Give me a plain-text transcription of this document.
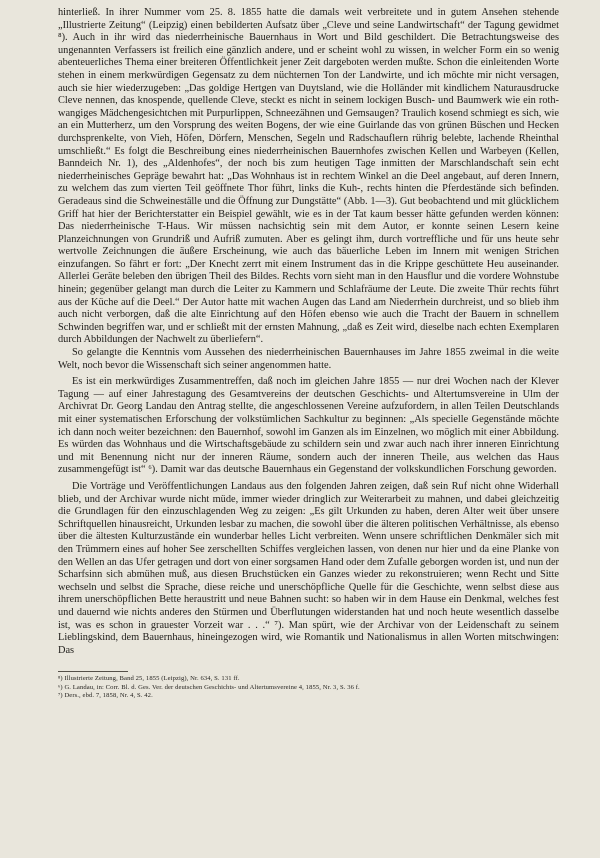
hinterließ. In ihrer Nummer vom 25. 8. 1855 hatte die damals weit verbreitete und in gutem Ansehen stehende „Illustrierte Zeitung“ (Leipzig) einen bebilderten Aufsatz über „Cleve und seine Landwirtschaft“ der Tagung gewidmet ⁸). Auch in ihr wird das niederrheinische Bauernhaus in Wort und Bild geschildert. Die Betrachtungsweise des ungenannten Verfassers ist freilich eine gänzlich andere, und er scheint wohl zu wissen, in welcher Form ein so wenig abenteuerliches Thema einer breiteren Öffentlichkeit jener Zeit dargeboten werden mußte. Schon die einleitenden Worte stehen in einem merkwürdigen Gegensatz zu dem nüchternen Ton der Landwirte, und ich möchte mir nicht versagen, auch sie hier wiederzugeben: „Das goldige Hertgen van Duytsland, wie die Holländer mit kindlichem Naturausdrucke Cleve nennen, das knospende, quellende Cleve, steckt es nicht in seinem lockigen Busch- und Baumwerk wie ein roth-wangiges Mädchengesichtchen mit Purpurlippen, Schneezähnen und Gemsaugen? Traulich kosend schmiegt es sich, wie an ein Mutterherz, um den Vorsprung des weiten Bogens, der wie eine Guirlande das von grünen Büschen und Hecken durchsprenkelte, von Vieh, Höfen, Dörfern, Menschen, Segeln und Radschauflern rührig belebte, lachende Rheinthal umschließt.“ Es folgt die Beschreibung eines niederrheinischen Bauernhofes zwischen Kellen und Warbeyen (Kellen, Banndeich Nr. 1), des „Aldenhofes“, der noch bis zum heutigen Tage inmitten der Marschlandschaft sein echt niederrheinisches Gepräge bewahrt hat: „Das Wohnhaus ist in rechtem Winkel an die Deel angebaut, auf deren Innern, zu welchem das zum vierten Teil geöffnete Thor führt, links die Kuh-, rechts hinten die Pferdestände sich befinden. Geradeaus sind die Schweineställe und die Öffnung zur Dungstätte“ (Abb. 1—3). Gut beobachtend und mit glücklichem Griff hat hier der Berichterstatter ein Beispiel gewählt, wie es in der Tat kaum besser hätte gefunden werden können: Das niederrheinische T-Haus. Wir müssen nachsichtig sein mit dem Autor, er konnte seinen Lesern keine Planzeichnungen von Grundriß und Aufriß zumuten. Aber es gelingt ihm, durch vortreffliche und für uns heute sehr wertvolle Zeichnungen die äußere Erscheinung, wie auch das bäuerliche Leben im Innern mit wenigen Strichen einzufangen. So fährt er fort: „Der Knecht zerrt mit einem Instrument das in die Krippe geschüttete Heu auseinander. Allerlei Geräte beleben den übrigen Theil des Bildes. Rechts vorn sieht man in den Hausflur und die vordere Wohnstube hinein; gegenüber gelangt man durch die Leiter zu Kammern und Schlafräume der Leute. Die zweite Thür rechts führt aus der Küche auf die Deel.“ Der Autor hatte mit wachen Augen das Land am Niederrhein durchreist, und so blieb ihm auch nicht verborgen, daß die alte Einrichtung auf den Höfen ebenso wie auch die Tracht der Bauern in schnellem Schwinden begriffen war, und er schließt mit der ernsten Mahnung, „daß es Zeit wird, dieselbe nach echten Exemplaren durch Abbildungen der Nachwelt zu überliefern“.

So gelangte die Kenntnis vom Aussehen des niederrheinischen Bauernhauses im Jahre 1855 zweimal in die weite Welt, noch bevor die Wissenschaft sich seiner angenommen hatte.

Es ist ein merkwürdiges Zusammentreffen, daß noch im gleichen Jahre 1855 — nur drei Wochen nach der Klever Tagung — auf einer Jahrestagung des Gesamtvereins der deutschen Geschichts- und Altertumsvereine in Ulm der Archivrat Dr. Georg Landau den Antrag stellte, die angeschlossenen Vereine aufzufordern, in allen Teilen Deutschlands mit einer systematischen Erforschung der volkstümlichen Sachkultur zu beginnen: „Als specielle Gegenstände möchte ich dann noch weiter bezeichnen: den Bauernhof, sowohl im Ganzen als im Einzelnen, wo möglich mit einer Abbildung. Es würden das Wohnhaus und die Wirtschaftsgebäude zu schildern sein und zwar auch nach ihrer inneren Einrichtung und mit Benennung nicht nur der inneren Räume, sondern auch der inneren Theile, aus welchen das Haus zusammengefügt ist“ ⁶). Damit war das deutsche Bauernhaus ein Gegenstand der volkskundlichen Forschung geworden.

Die Vorträge und Veröffentlichungen Landaus aus den folgenden Jahren zeigen, daß sein Ruf nicht ohne Widerhall blieb, und der Archivar wurde nicht müde, immer wieder dringlich zur Weiterarbeit zu mahnen, und dabei gleichzeitig die Grundlagen für den einzuschlagenden Weg zu zeigen: „Es gilt Urkunden zu haben, deren Alter weit über unsere Schriftquellen hinausreicht, Urkunden lesbar zu machen, die sowohl über die älteren politischen Verhältnisse, als ebenso über die ältesten Kulturzustände ein wunderbar helles Licht verbreiten. Wenn unsere schriftlichen Denkmäler sich mit den Trümmern eines auf hoher See zerschellten Schiffes vergleichen lassen, von denen nur hier und da eine Planke von den Wellen an das Ufer getragen und dort von einer sorgsamen Hand oder dem Zufalle geborgen worden ist, und nun der Scharfsinn sich abmühen muß, aus diesen Bruchstücken ein Ganzes wieder zu rekonstruieren; wenn Recht und Sitte wechseln und selbst die Sprache, diese reiche und unerschöpfliche Quelle für die Geschichte, wenn selbst diese aus ihrem unerschöpflichen Bette heraustritt und neue Bahnen sucht: so haben wir in dem Hause ein Denkmal, welches fest und dauernd wie nichts anderes den Stürmen und Überflutungen widerstanden hat und noch heute wesentlich dasselbe ist, was es schon in grauester Vorzeit war . . .“ ⁷). Man spürt, wie der Archivar von der Leidenschaft zu seinem Lieblingskind, dem Bauernhaus, hineingezogen wird, wie Romantik und Nationalismus in allen Worten mitschwingen: Das

⁸) Illustrierte Zeitung, Band 25, 1855 (Leipzig), Nr. 634, S. 131 ff.

⁶) G. Landau, in: Corr. Bl. d. Ges. Ver. der deutschen Geschichts- und Altertumsvereine 4, 1855, Nr. 3, S. 36 f.

⁷) Ders., ebd. 7, 1858, Nr. 4, S. 42.
